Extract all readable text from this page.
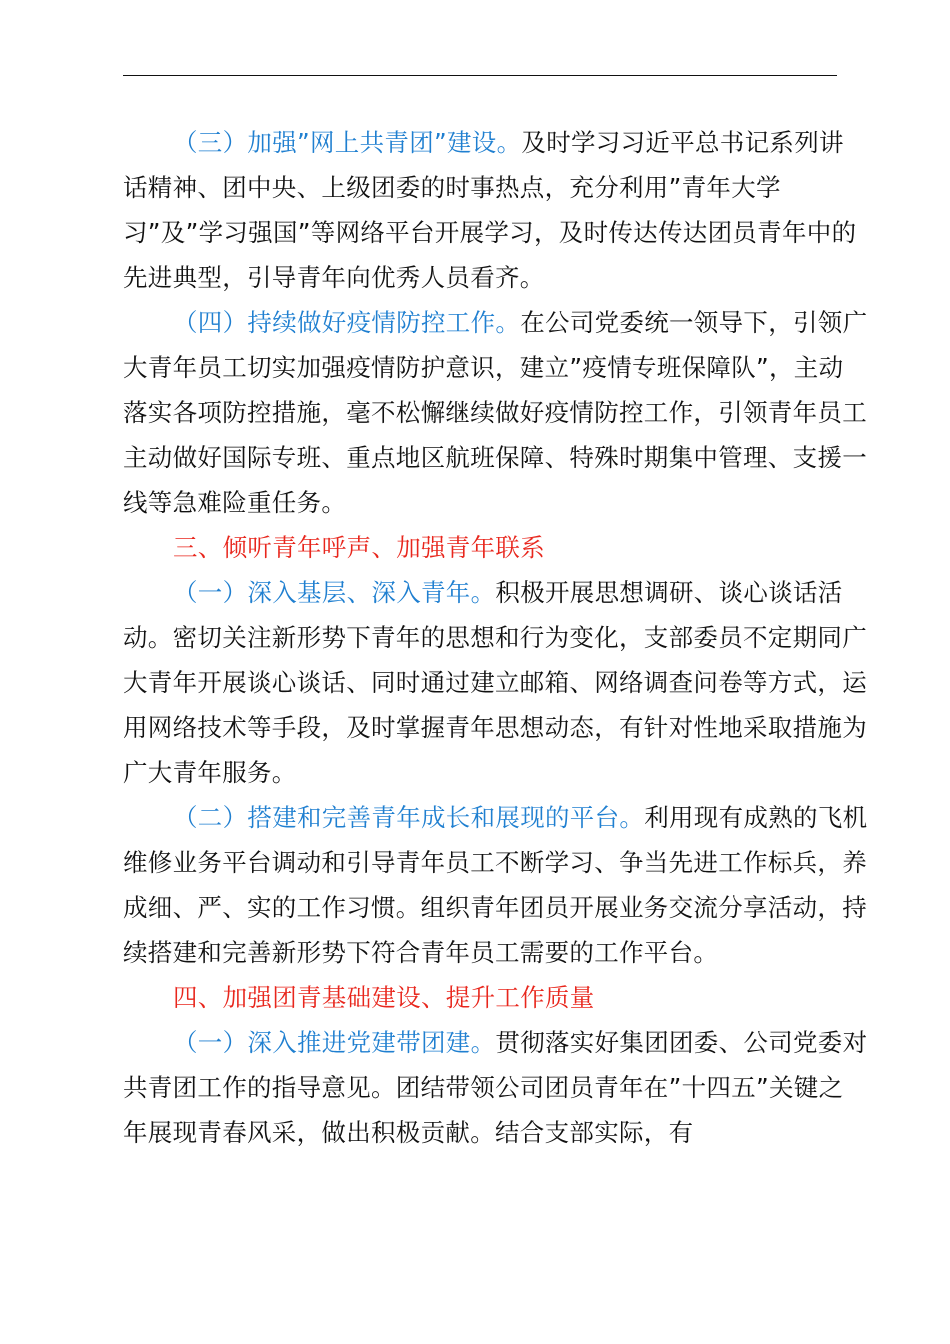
（三）加强”网上共青团”建设。及时学习习近平总书记系列讲话精神、团中央、上级团委的时事热点，充分利用”青年大学习”及”学习强国”等网络平台开展学习，及时传达传达团员青年中的先进典型，引导青年向优秀人员看齐。

（四）持续做好疫情防控工作。在公司党委统一领导下，引领广大青年员工切实加强疫情防护意识，建立”疫情专班保障队”，主动落实各项防控措施，毫不松懈继续做好疫情防控工作，引领青年员工主动做好国际专班、重点地区航班保障、特殊时期集中管理、支援一线等急难险重任务。

三、倾听青年呼声、加强青年联系

（一）深入基层、深入青年。积极开展思想调研、谈心谈话活动。密切关注新形势下青年的思想和行为变化，支部委员不定期同广大青年开展谈心谈话、同时通过建立邮箱、网络调查问卷等方式，运用网络技术等手段，及时掌握青年思想动态，有针对性地采取措施为广大青年服务。

（二）搭建和完善青年成长和展现的平台。利用现有成熟的飞机维修业务平台调动和引导青年员工不断学习、争当先进工作标兵，养成细、严、实的工作习惯。组织青年团员开展业务交流分享活动，持续搭建和完善新形势下符合青年员工需要的工作平台。

四、加强团青基础建设、提升工作质量

（一）深入推进党建带团建。贯彻落实好集团团委、公司党委对共青团工作的指导意见。团结带领公司团员青年在”十四五”关键之年展现青春风采，做出积极贡献。结合支部实际，有
